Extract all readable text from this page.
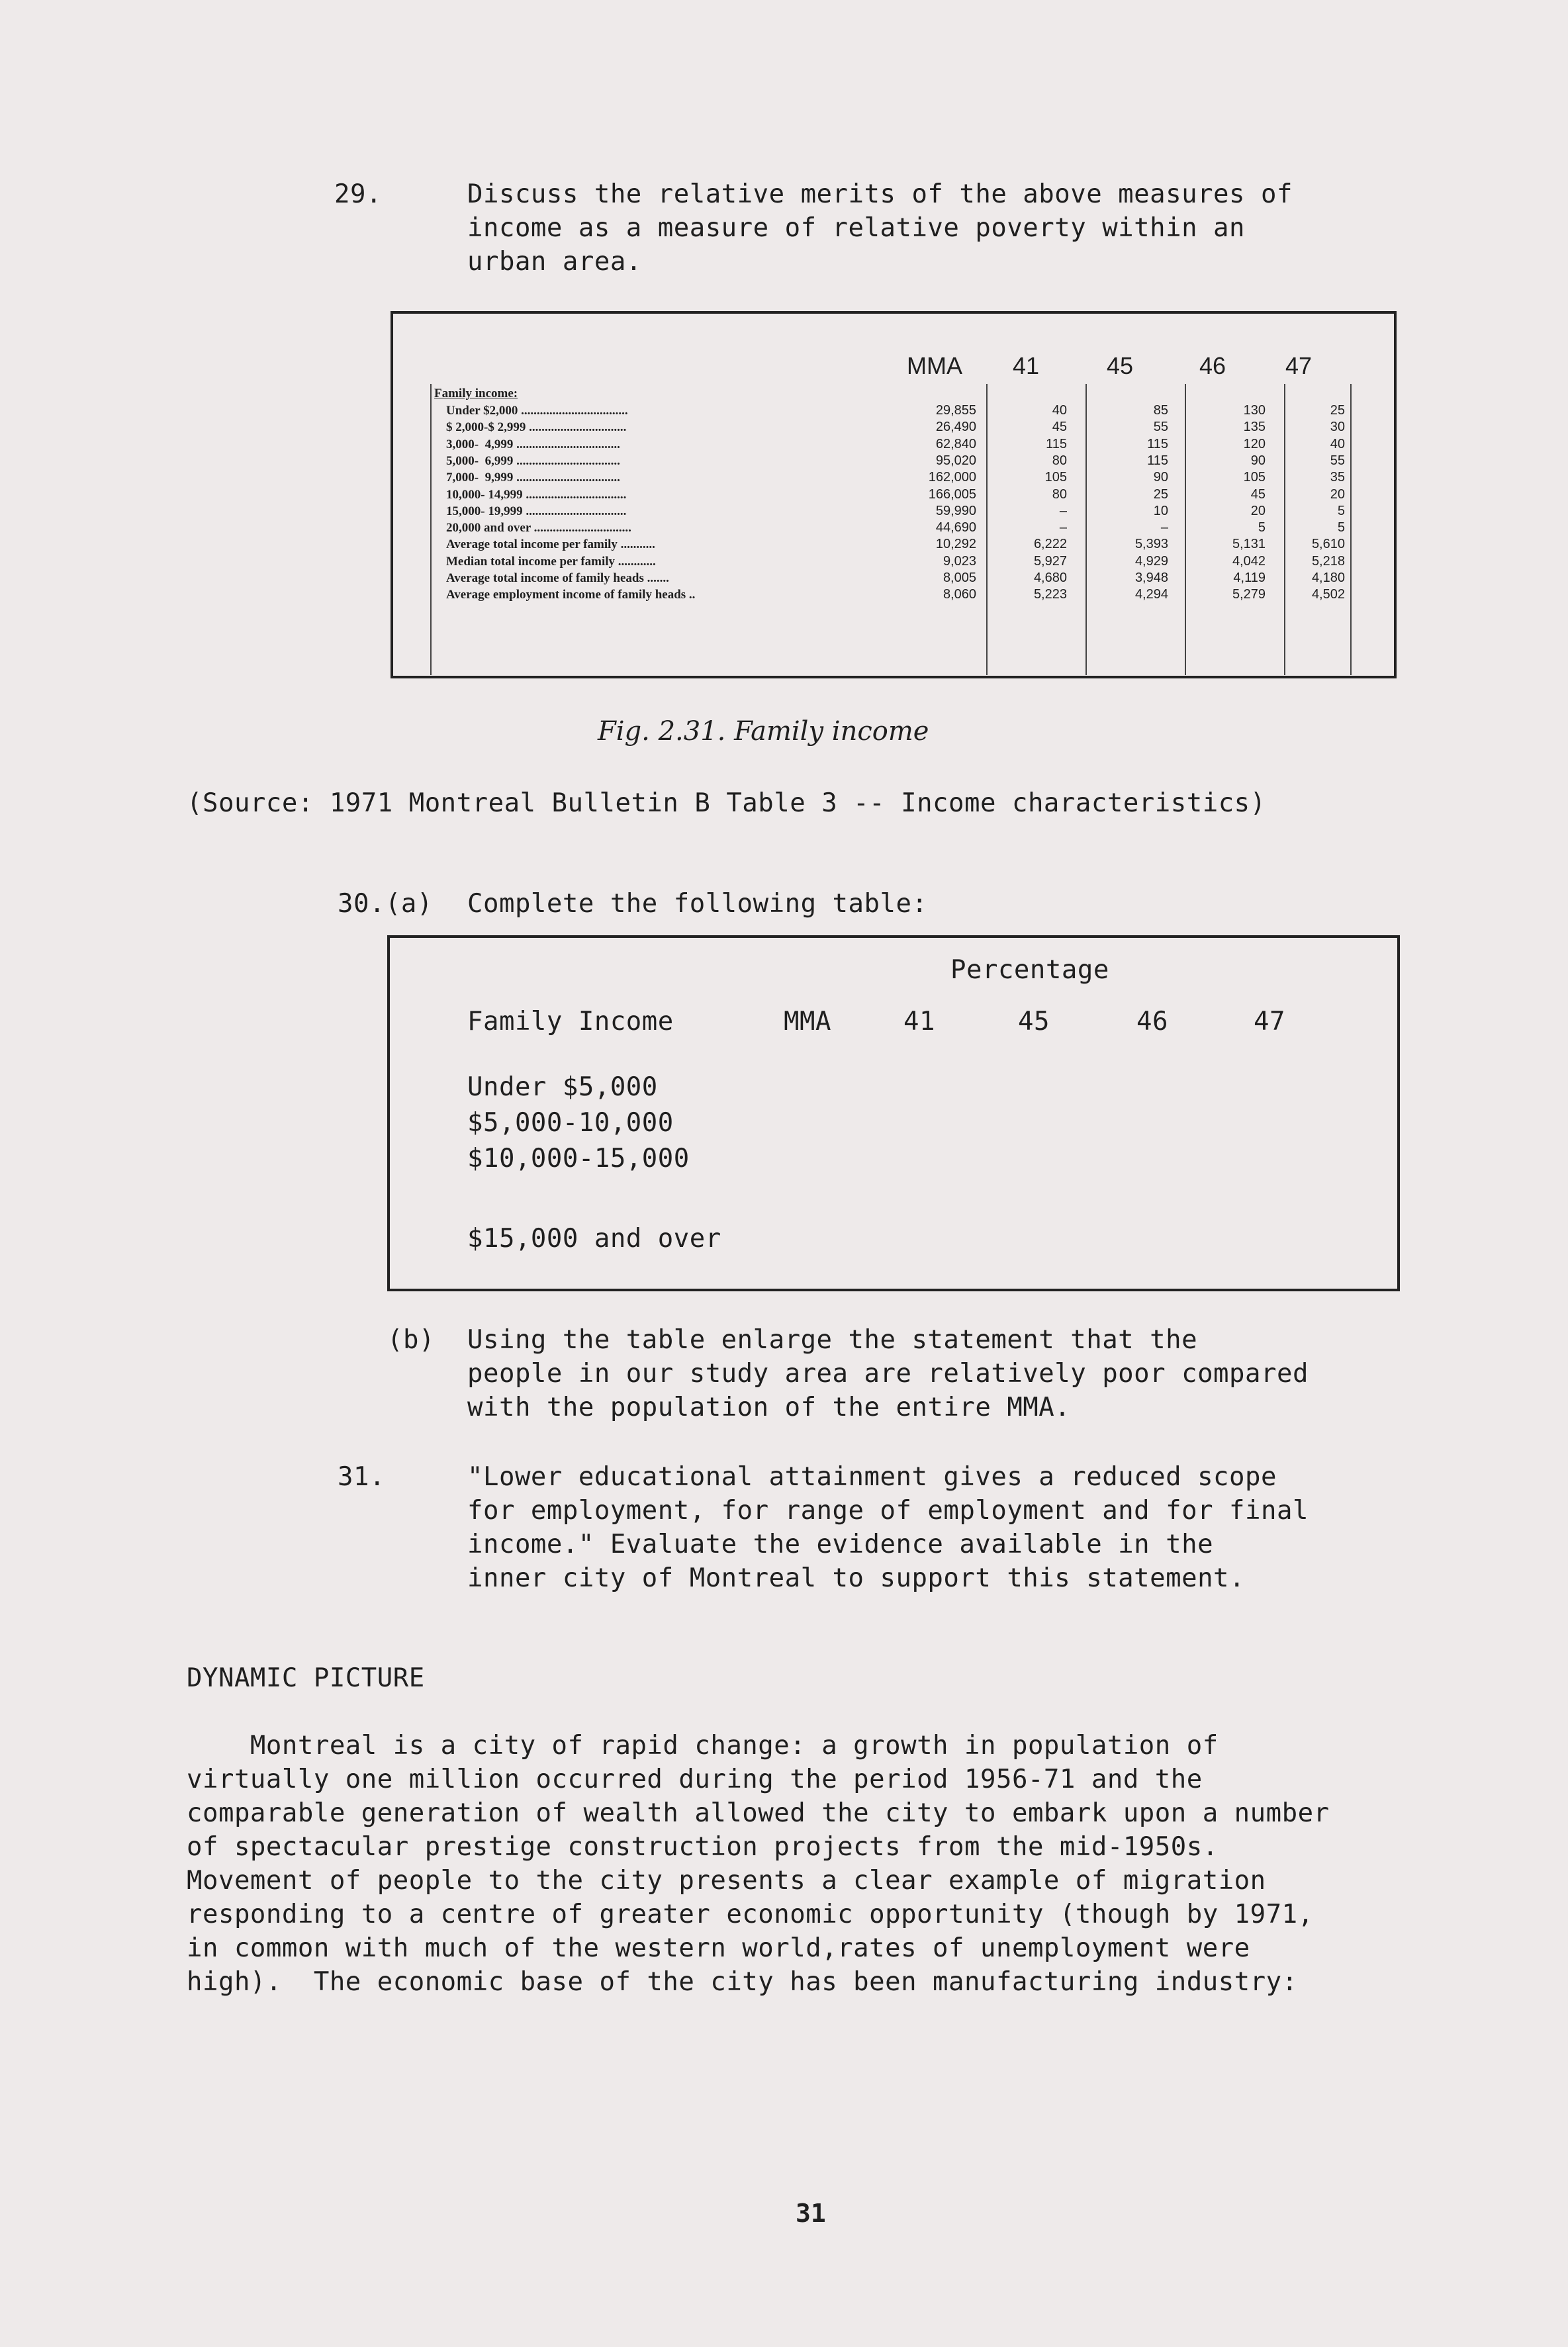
29.	Discuss the relative merits of the above measures of
income as a measure of relative poverty within an
urban area.
MMA 41	45	46 47
Family income:
Under $2,000 ..................................	29,855	40	85	130	25
$ 2,000-$ 2,999 ...............................	26,490	45	55	135	30
3,000-  4,999 .................................	62,840	115	115	120	40
5,000-  6,999 .................................	95,020	80	115	90	55
7,000-  9,999 .................................	162,000	105	90	105	35
10,000- 14,999 ................................	166,005	80	25	45	20
15,000- 19,999 ................................	59,990	–	10	20	5
20,000 and over ...............................	44,690	–	–	5	5
Average total income per family ...........	10,292	6,222	5,393	5,131	5,610
Median total income per family ............	9,023	5,927	4,929	4,042	5,218
Average total income of family heads .......	8,005	4,680	3,948	4,119	4,180
Average employment income of family heads ..	8,060	5,223	4,294	5,279	4,502
Fig. 2.31. Family income
(Source: 1971 Montreal Bulletin B Table 3 -- Income characteristics)
30.(a) Complete the following table:
Percentage
Family Income	MMA	41	45	46	47
Under $5,000
$5,000-10,000
$10,000-15,000
$15,000 and over
(b) Using the table enlarge the statement that the
people in our study area are relatively poor compared
with the population of the entire MMA.
31.	"Lower educational attainment gives a reduced scope
for employment, for range of employment and for final
income." Evaluate the evidence available in the
inner city of Montreal to support this statement.
DYNAMIC PICTURE
Montreal is a city of rapid change: a growth in population of
virtually one million occurred during the period 1956-71 and the
comparable generation of wealth allowed the city to embark upon a number
of spectacular prestige construction projects from the mid-1950s.
Movement of people to the city presents a clear example of migration
responding to a centre of greater economic opportunity (though by 1971,
in common with much of the western world,rates of unemployment were
high).  The economic base of the city has been manufacturing industry:
31
